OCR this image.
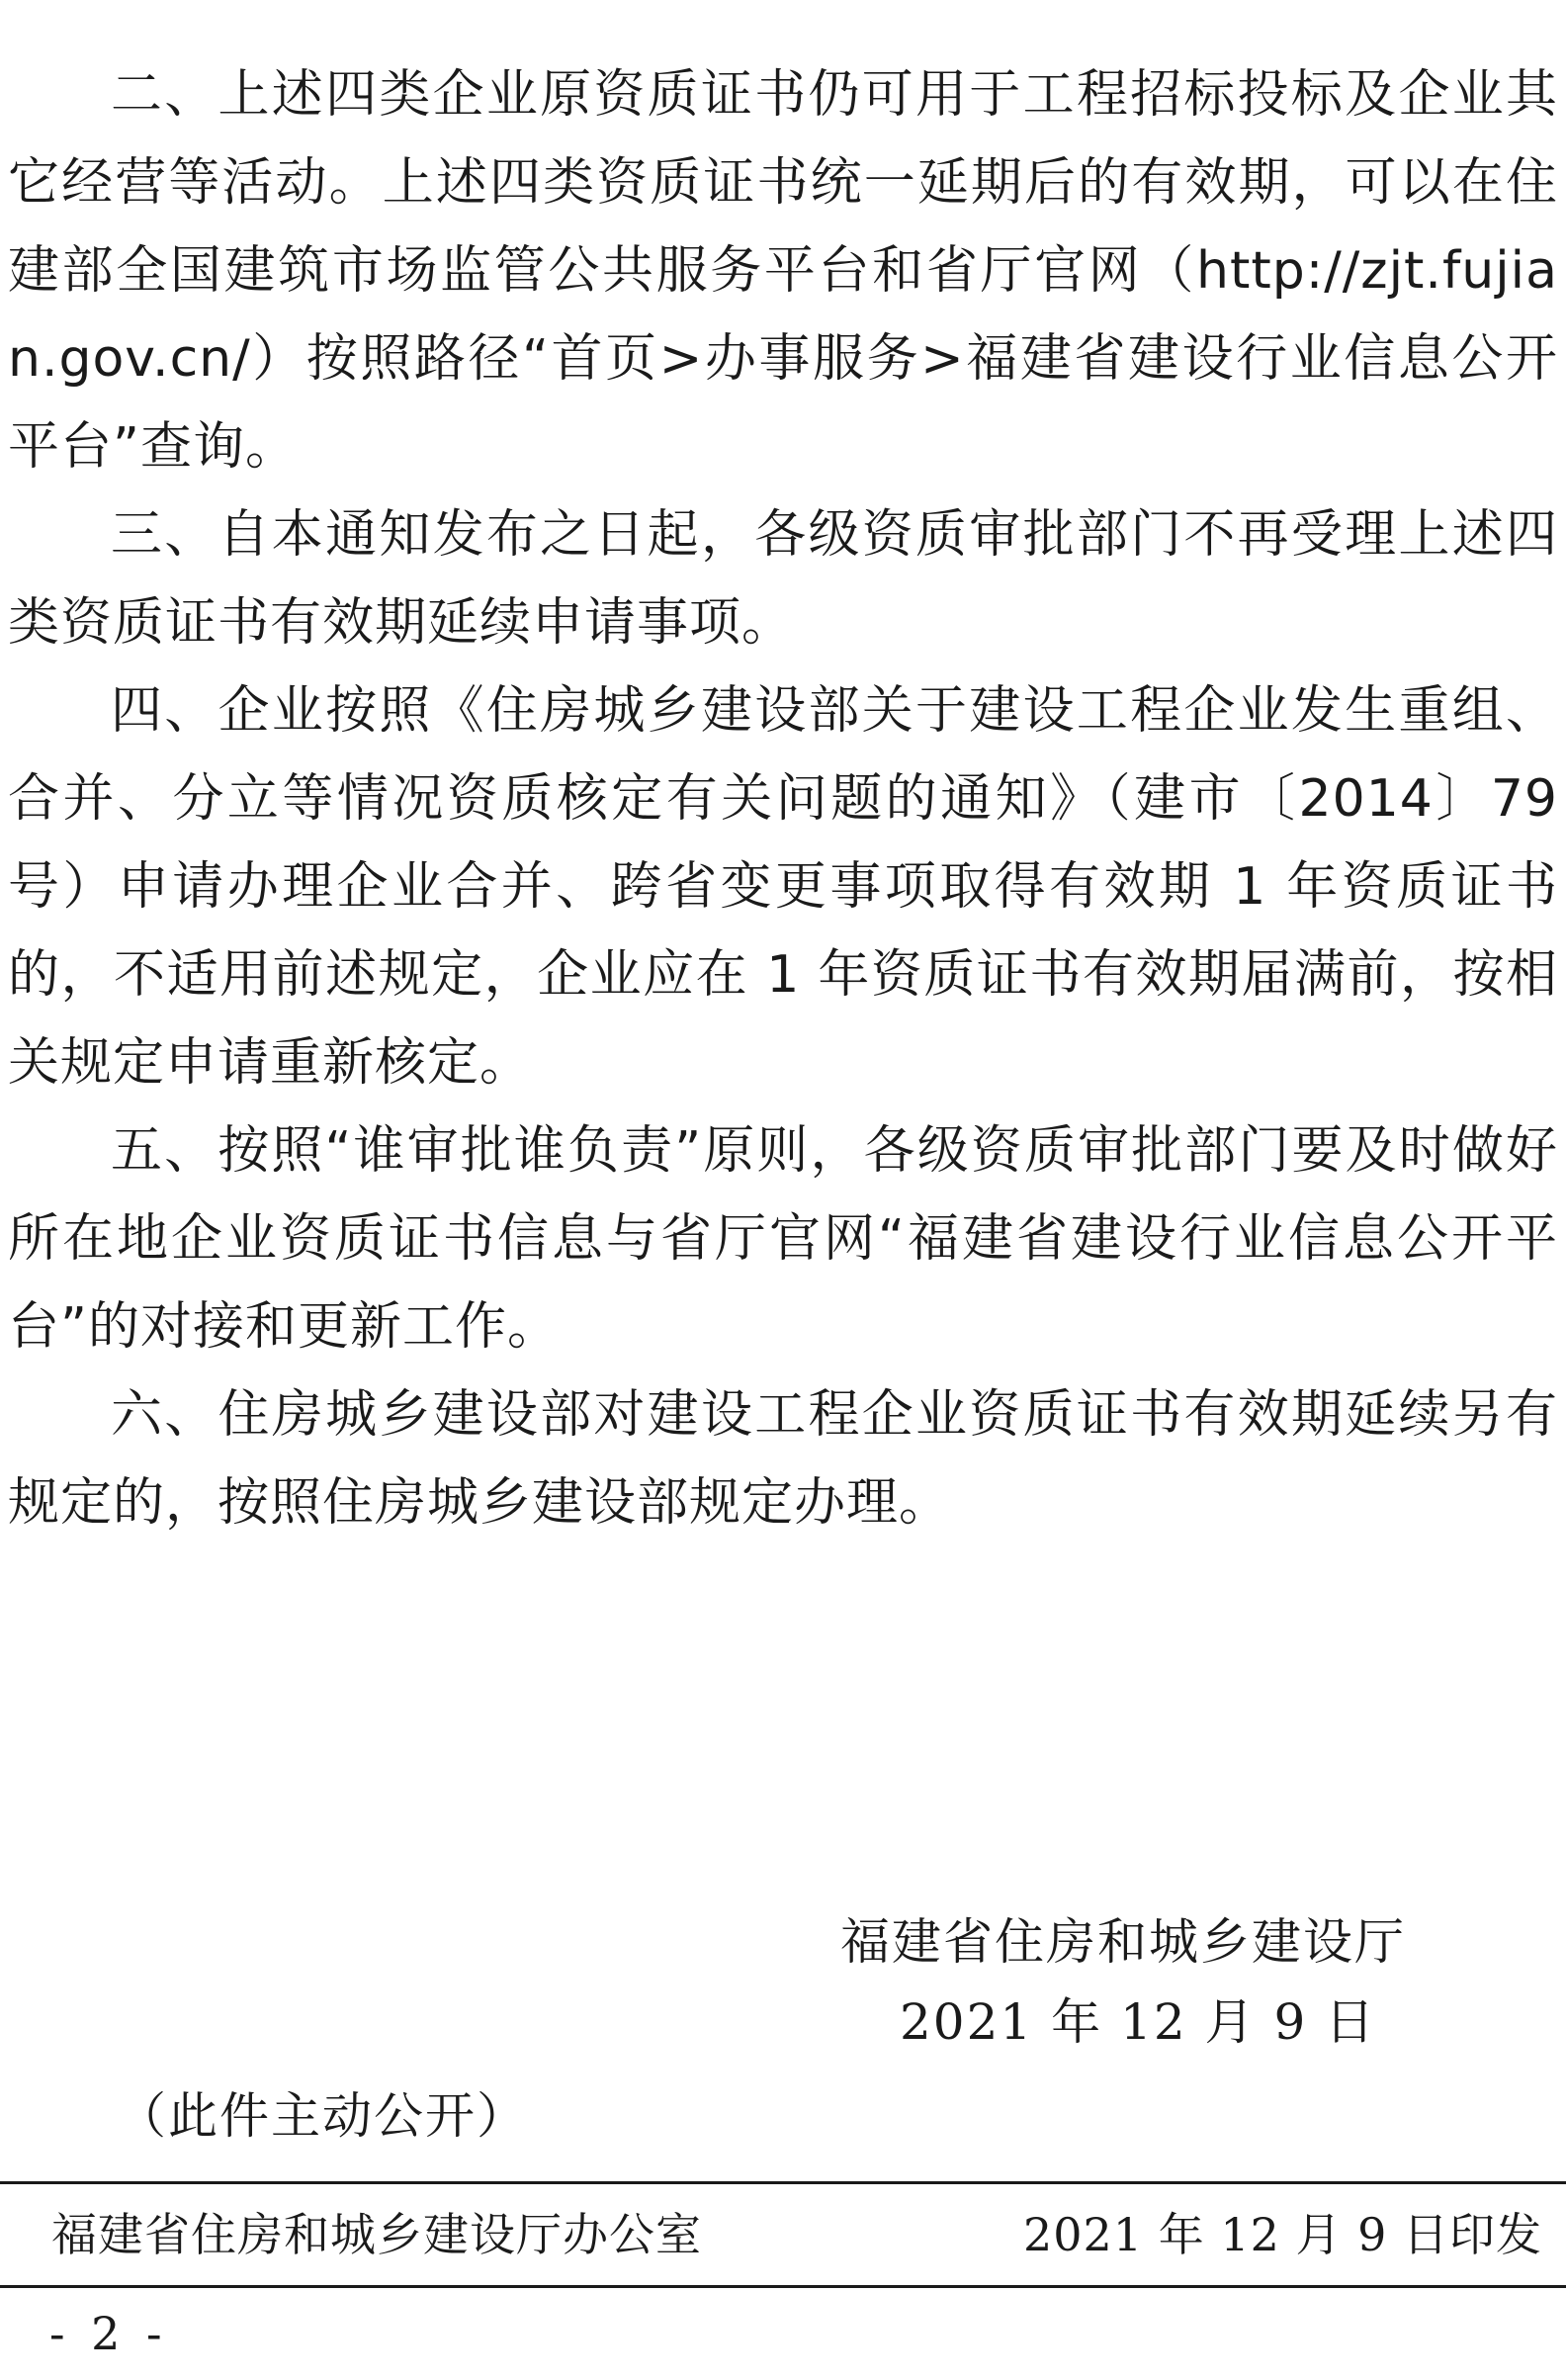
二、上述四类企业原资质证书仍可用于工程招标投标及企业其它经营等活动。上述四类资质证书统一延期后的有效期，可以在住建部全国建筑市场监管公共服务平台和省厅官网（http://zjt.fujian.gov.cn/）按照路径“首页>办事服务>福建省建设行业信息公开平台”查询。

三、自本通知发布之日起，各级资质审批部门不再受理上述四类资质证书有效期延续申请事项。

四、企业按照《住房城乡建设部关于建设工程企业发生重组、合并、分立等情况资质核定有关问题的通知》（建市〔2014〕79号）申请办理企业合并、跨省变更事项取得有效期 1 年资质证书的，不适用前述规定，企业应在 1 年资质证书有效期届满前，按相关规定申请重新核定。

五、按照“谁审批谁负责”原则，各级资质审批部门要及时做好所在地企业资质证书信息与省厅官网“福建省建设行业信息公开平台”的对接和更新工作。

六、住房城乡建设部对建设工程企业资质证书有效期延续另有规定的，按照住房城乡建设部规定办理。

福建省住房和城乡建设厅
2021 年 12 月 9 日
（此件主动公开）
福建省住房和城乡建设厅办公室	2021 年 12 月 9 日印发
- 2 -
